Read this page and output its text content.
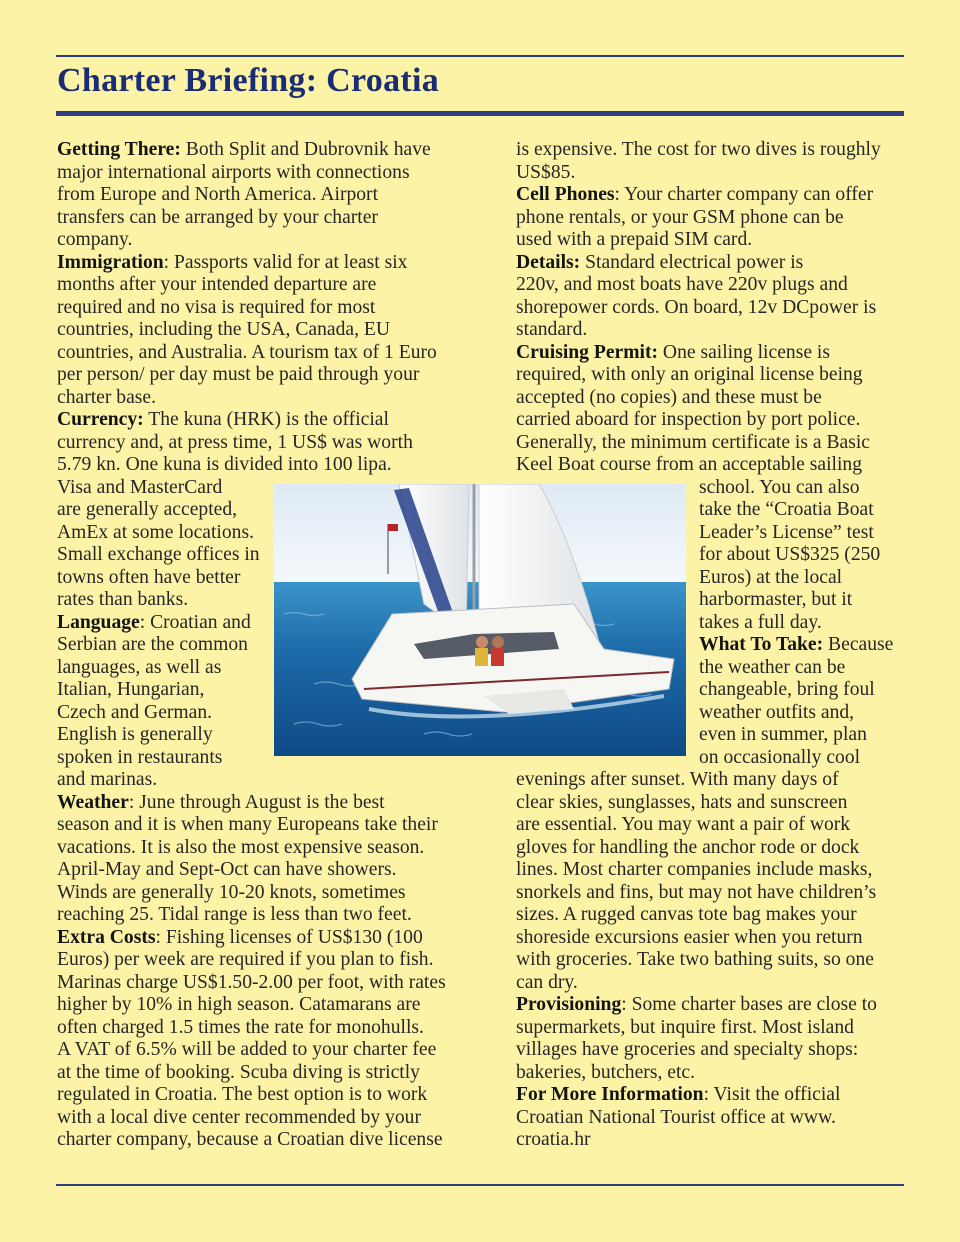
Charter Briefing: Croatia
Getting There: Both Split and Dubrovnik have
major international airports with connections
from Europe and North America. Airport
transfers can be arranged by your charter
company.
Immigration: Passports valid for at least six
months after your intended departure are
required and no visa is required for most
countries, including the USA, Canada, EU
countries, and Australia. A tourism tax of 1 Euro
per person/ per day must be paid through your
charter base.
Currency: The kuna (HRK) is the official
currency and, at press time, 1 US$ was worth
5.79 kn. One kuna is divided into 100 lipa.
Visa and MasterCard
are generally accepted,
AmEx at some locations.
Small exchange offices in
towns often have better
rates than banks.
Language: Croatian and
Serbian are the common
languages, as well as
Italian, Hungarian,
Czech and German.
English is generally
spoken in restaurants
and marinas.
Weather: June through August is the best
season and it is when many Europeans take their
vacations. It is also the most expensive season.
April-May and Sept-Oct can have showers.
Winds are generally 10-20 knots, sometimes
reaching 25. Tidal range is less than two feet.
Extra Costs: Fishing licenses of US$130 (100
Euros) per week are required if you plan to fish.
Marinas charge US$1.50-2.00 per foot, with rates
higher by 10% in high season. Catamarans are
often charged 1.5 times the rate for monohulls.
A VAT of 6.5% will be added to your charter fee
at the time of booking. Scuba diving is strictly
regulated in Croatia. The best option is to work
with a local dive center recommended by your
charter company, because a Croatian dive license
is expensive. The cost for two dives is roughly
US$85.
Cell Phones: Your charter company can offer
phone rentals, or your GSM phone can be
used with a prepaid SIM card.
Details: Standard electrical power is
220v, and most boats have 220v plugs and
shorepower cords. On board, 12v DCpower is
standard.
Cruising Permit: One sailing license is
required, with only an original license being
accepted (no copies) and these must be
carried aboard for inspection by port police.
Generally, the minimum certificate is a Basic
Keel Boat course from an acceptable sailing
school. You can also
take the “Croatia Boat
Leader’s License” test
for about US$325 (250
Euros) at the local
harbormaster, but it
takes a full day.
What To Take: Because
the weather can be
changeable, bring foul
weather outfits and,
even in summer, plan
on occasionally cool
evenings after sunset. With many days of
clear skies, sunglasses, hats and sunscreen
are essential. You may want a pair of work
gloves for handling the anchor rode or dock
lines. Most charter companies include masks,
snorkels and fins, but may not have children’s
sizes. A rugged canvas tote bag makes your
shoreside excursions easier when you return
with groceries. Take two bathing suits, so one
can dry.
Provisioning: Some charter bases are close to
supermarkets, but inquire first. Most island
villages have groceries and specialty shops:
bakeries, butchers, etc.
For More Information: Visit the official
Croatian National Tourist office at www.
croatia.hr
